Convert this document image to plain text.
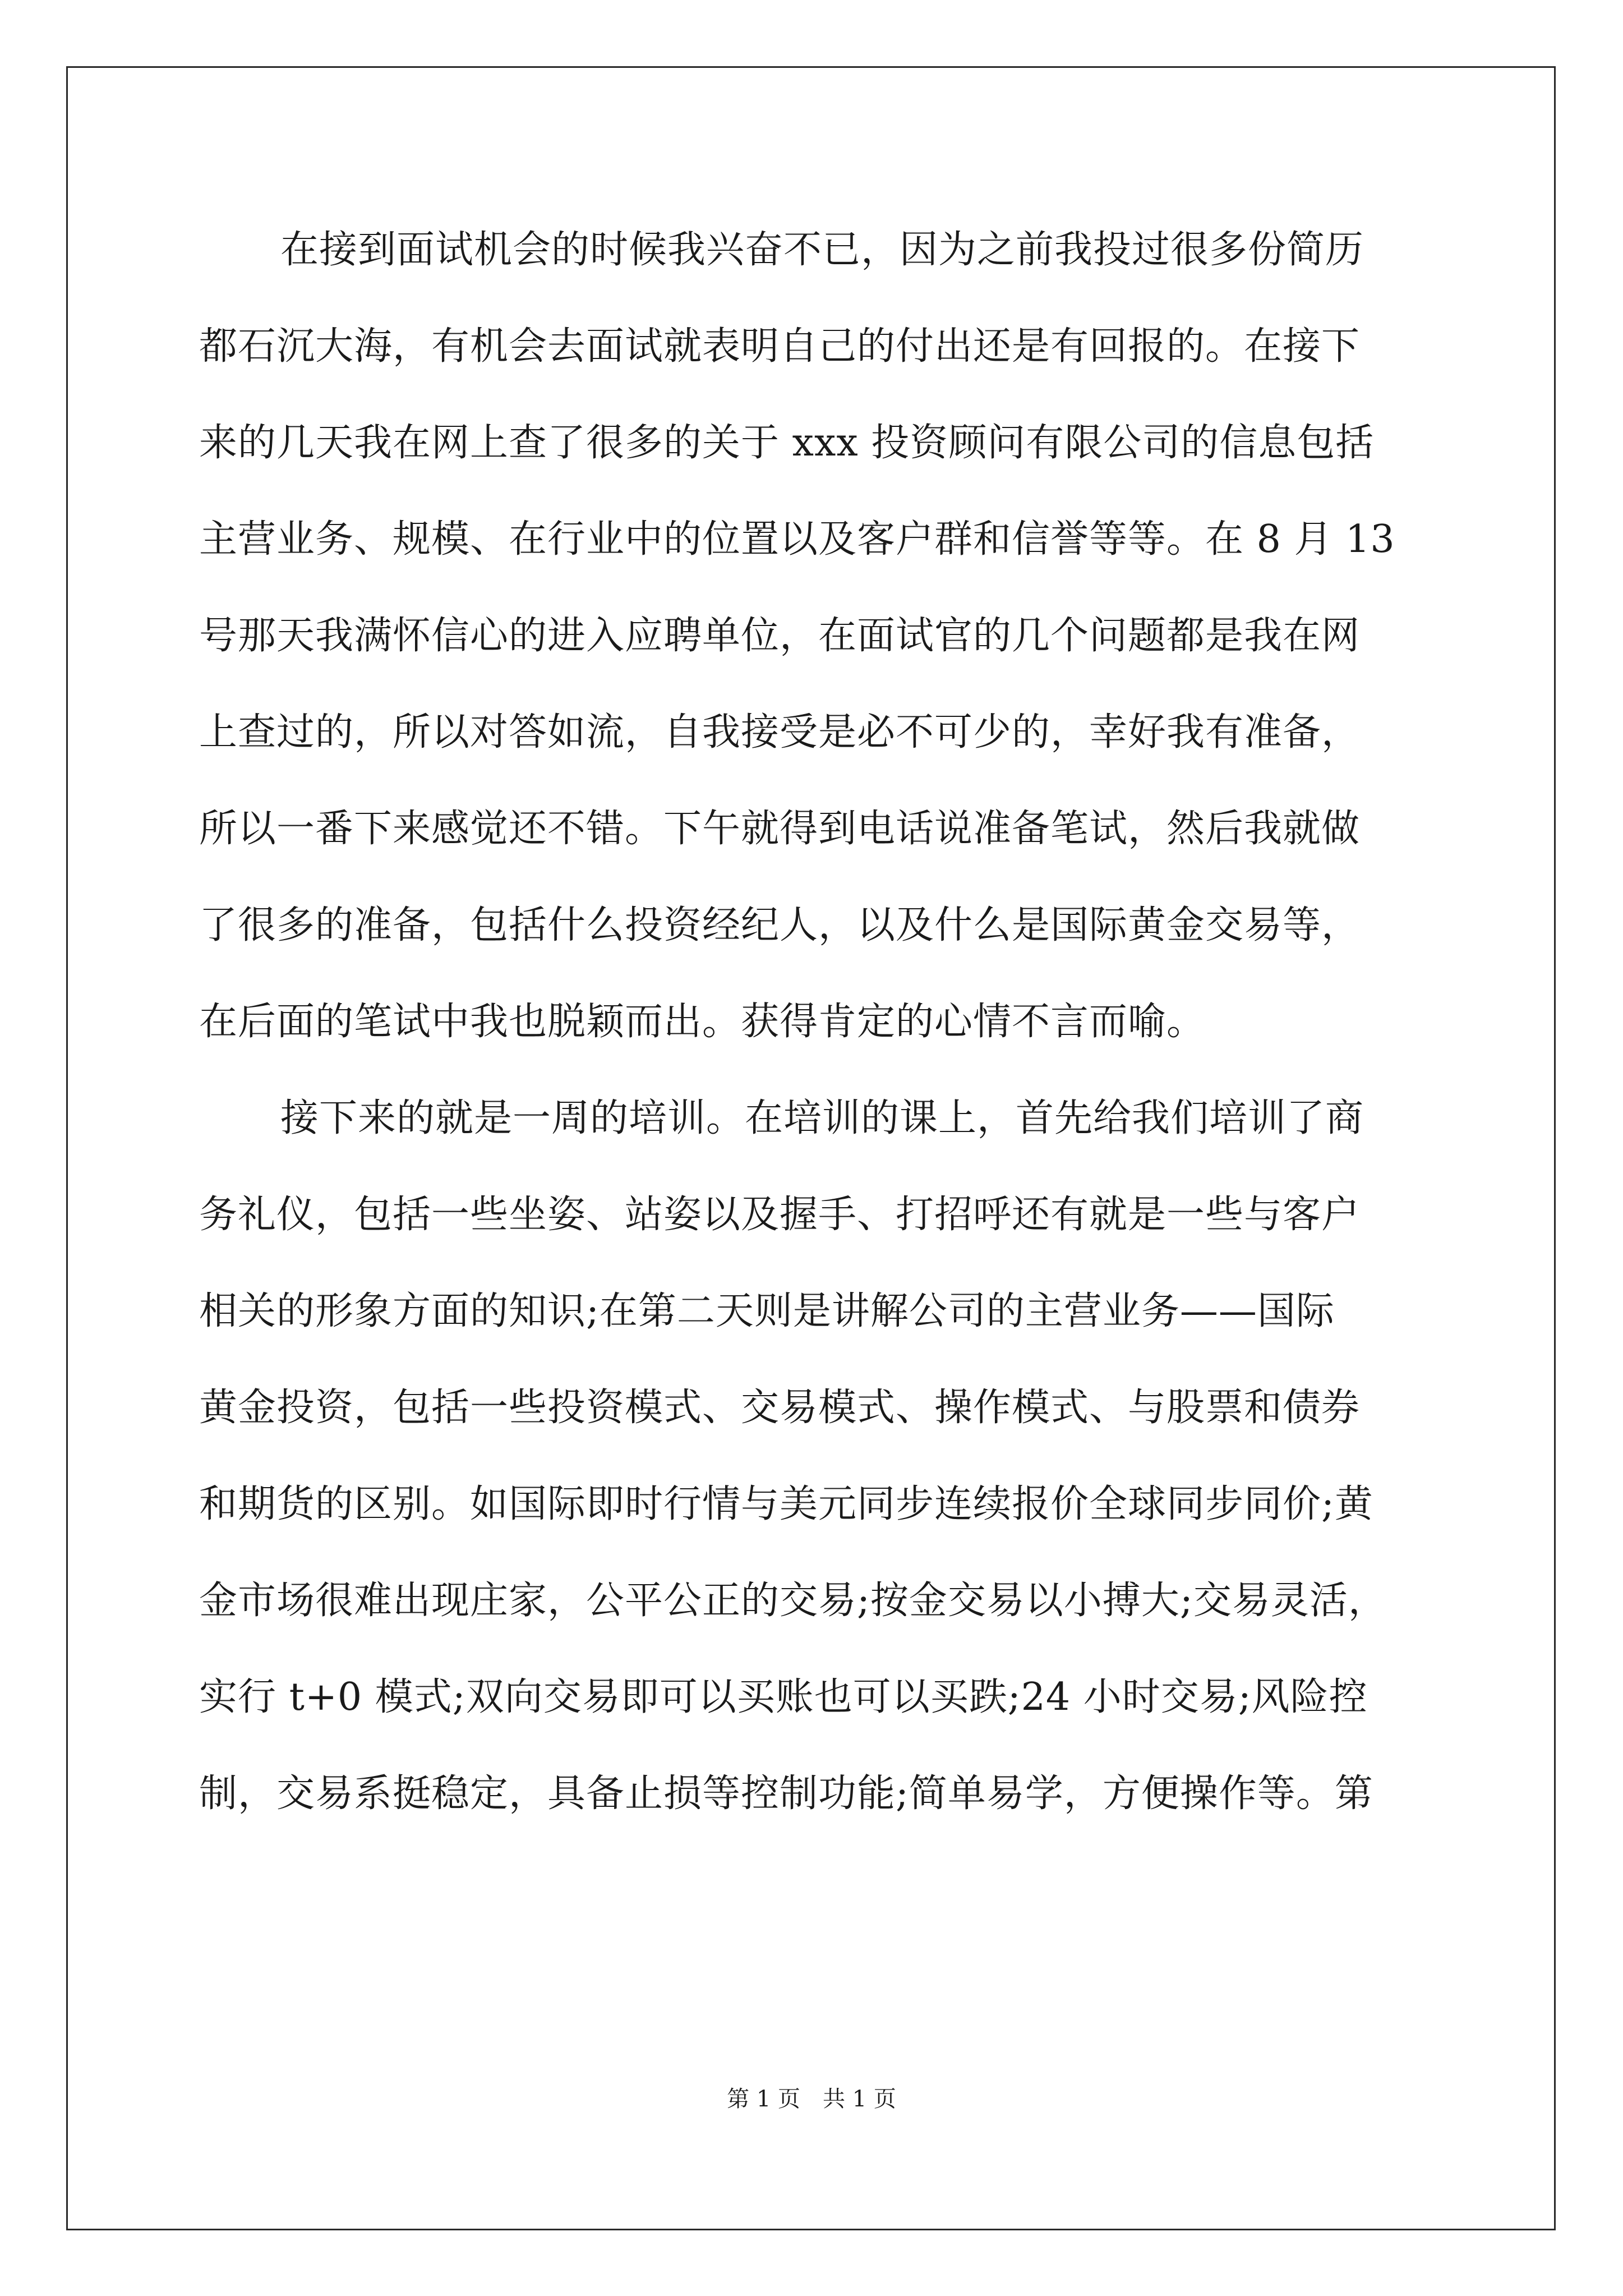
在接到面试机会的时候我兴奋不已，因为之前我投过很多份简历
都石沉大海，有机会去面试就表明自己的付出还是有回报的。在接下
来的几天我在网上查了很多的关于 xxx 投资顾问有限公司的信息包括
主营业务、规模、在行业中的位置以及客户群和信誉等等。在 8 月 13
号那天我满怀信心的进入应聘单位，在面试官的几个问题都是我在网
上查过的，所以对答如流，自我接受是必不可少的，幸好我有准备，
所以一番下来感觉还不错。下午就得到电话说准备笔试，然后我就做
了很多的准备，包括什么投资经纪人，以及什么是国际黄金交易等，
在后面的笔试中我也脱颖而出。获得肯定的心情不言而喻。
接下来的就是一周的培训。在培训的课上，首先给我们培训了商
务礼仪，包括一些坐姿、站姿以及握手、打招呼还有就是一些与客户
相关的形象方面的知识;在第二天则是讲解公司的主营业务——国际
黄金投资，包括一些投资模式、交易模式、操作模式、与股票和债券
和期货的区别。如国际即时行情与美元同步连续报价全球同步同价;黄
金市场很难出现庄家，公平公正的交易;按金交易以小搏大;交易灵活，
实行 t+0 模式;双向交易即可以买账也可以买跌;24 小时交易;风险控
制，交易系挺稳定，具备止损等控制功能;简单易学，方便操作等。第
第 1 页　共 1 页
